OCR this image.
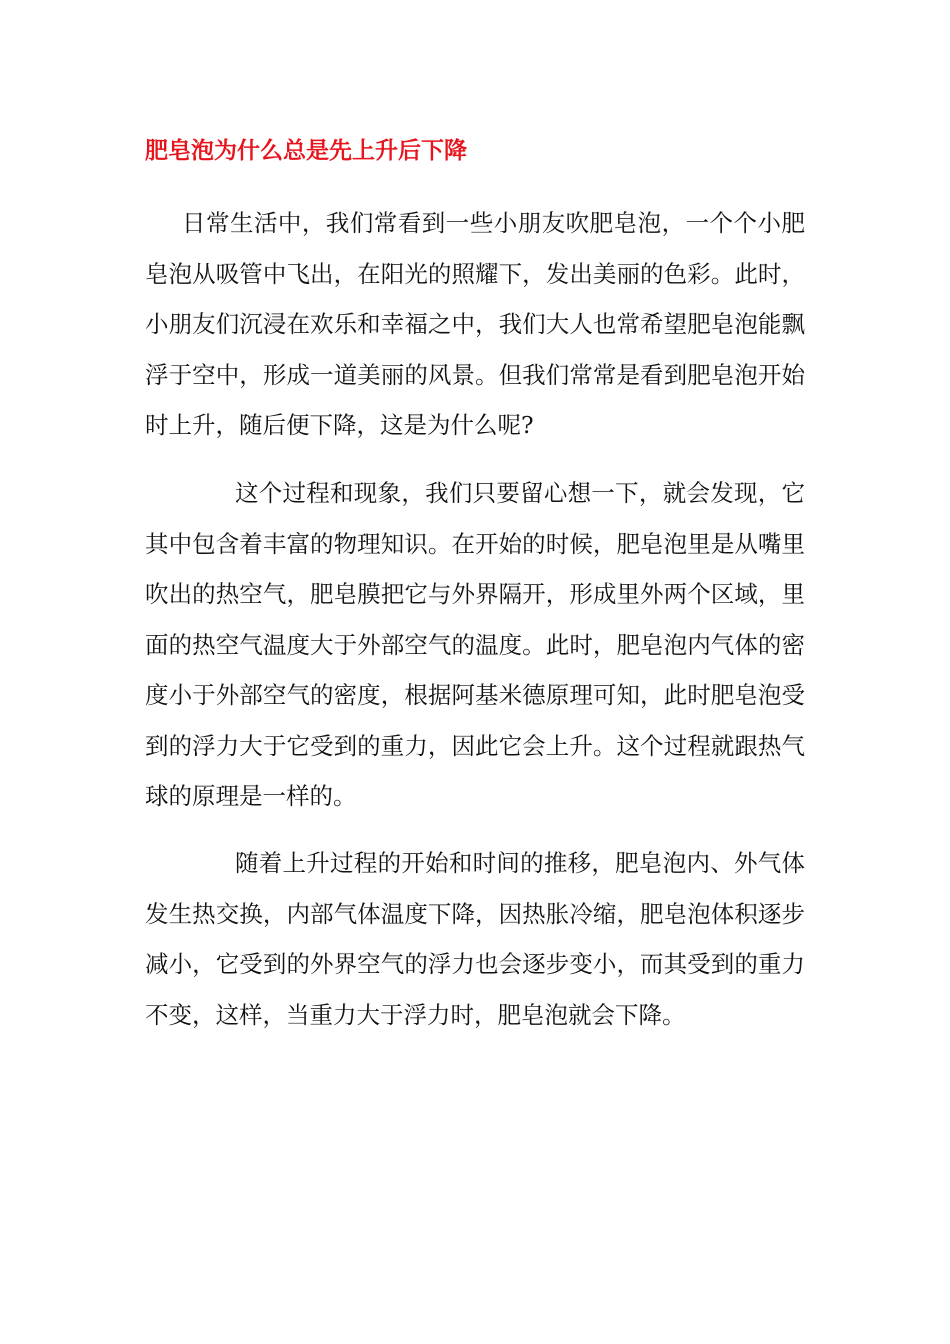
肥皂泡为什么总是先上升后下降

日常生活中，我们常看到一些小朋友吹肥皂泡，一个个小肥皂泡从吸管中飞出，在阳光的照耀下，发出美丽的色彩。此时，小朋友们沉浸在欢乐和幸福之中，我们大人也常希望肥皂泡能飘浮于空中，形成一道美丽的风景。但我们常常是看到肥皂泡开始时上升，随后便下降，这是为什么呢?

这个过程和现象，我们只要留心想一下，就会发现，它其中包含着丰富的物理知识。在开始的时候，肥皂泡里是从嘴里吹出的热空气，肥皂膜把它与外界隔开，形成里外两个区域，里面的热空气温度大于外部空气的温度。此时，肥皂泡内气体的密度小于外部空气的密度，根据阿基米德原理可知，此时肥皂泡受到的浮力大于它受到的重力，因此它会上升。这个过程就跟热气球的原理是一样的。

随着上升过程的开始和时间的推移，肥皂泡内、外气体发生热交换，内部气体温度下降，因热胀冷缩，肥皂泡体积逐步减小，它受到的外界空气的浮力也会逐步变小，而其受到的重力不变，这样，当重力大于浮力时，肥皂泡就会下降。
